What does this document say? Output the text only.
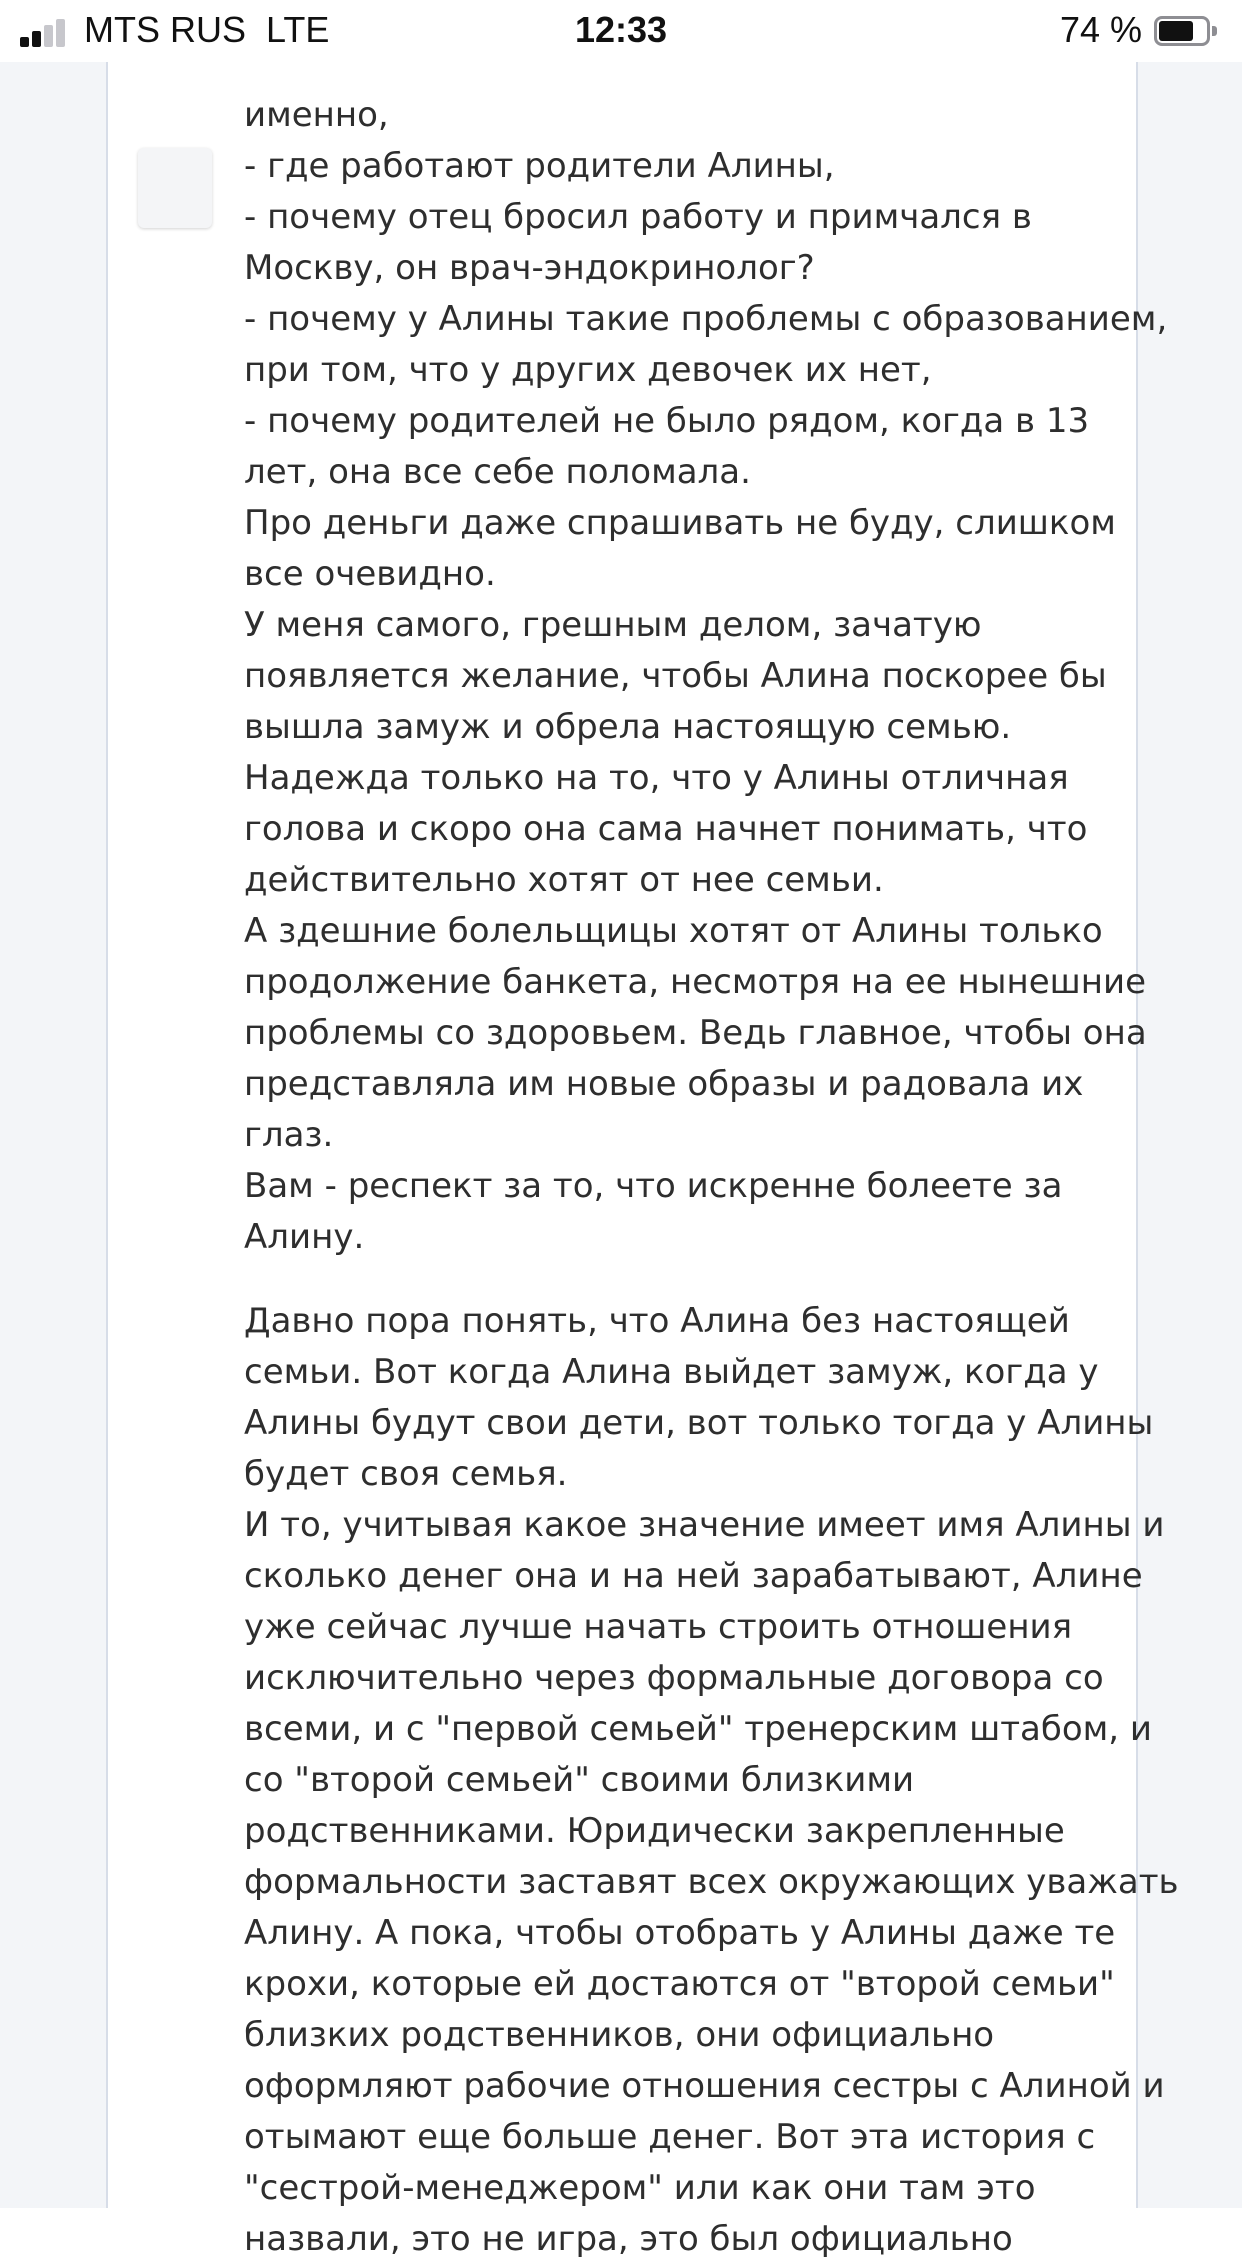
именно,
- где работают родители Алины,
- почему отец бросил работу и примчался в
Москву, он врач-эндокринолог?
- почему у Алины такие проблемы с образованием,
при том, что у других девочек их нет,
- почему родителей не было рядом, когда в 13
лет, она все себе поломала.
Про деньги даже спрашивать не буду, слишком
все очевидно.
У меня самого, грешным делом, зачатую
появляется желание, чтобы Алина поскорее бы
вышла замуж и обрела настоящую семью.
Надежда только на то, что у Алины отличная
голова и скоро она сама начнет понимать, что
действительно хотят от нее семьи.
А здешние болельщицы хотят от Алины только
продолжение банкета, несмотря на ее нынешние
проблемы со здоровьем. Ведь главное, чтобы она
представляла им новые образы и радовала их
глаз.
Вам - респект за то, что искренне болеете за
Алину.
Давно пора понять, что Алина без настоящей
семьи. Вот когда Алина выйдет замуж, когда у
Алины будут свои дети, вот только тогда у Алины
будет своя семья.
И то, учитывая какое значение имеет имя Алины и
сколько денег она и на ней зарабатывают, Алине
уже сейчас лучше начать строить отношения
исключительно через формальные договора со
всеми, и с "первой семьей" тренерским штабом, и
со "второй семьей" своими близкими
родственниками. Юридически закрепленные
формальности заставят всех окружающих уважать
Алину. А пока, чтобы отобрать у Алины даже те
крохи, которые ей достаются от "второй семьи"
близких родственников, они официально
оформляют рабочие отношения сестры с Алиной и
отымают еще больше денег. Вот эта история с
"сестрой-менеджером" или как они там это
назвали, это не игра, это был официально
MTS RUS LTE	12:33	74 %
